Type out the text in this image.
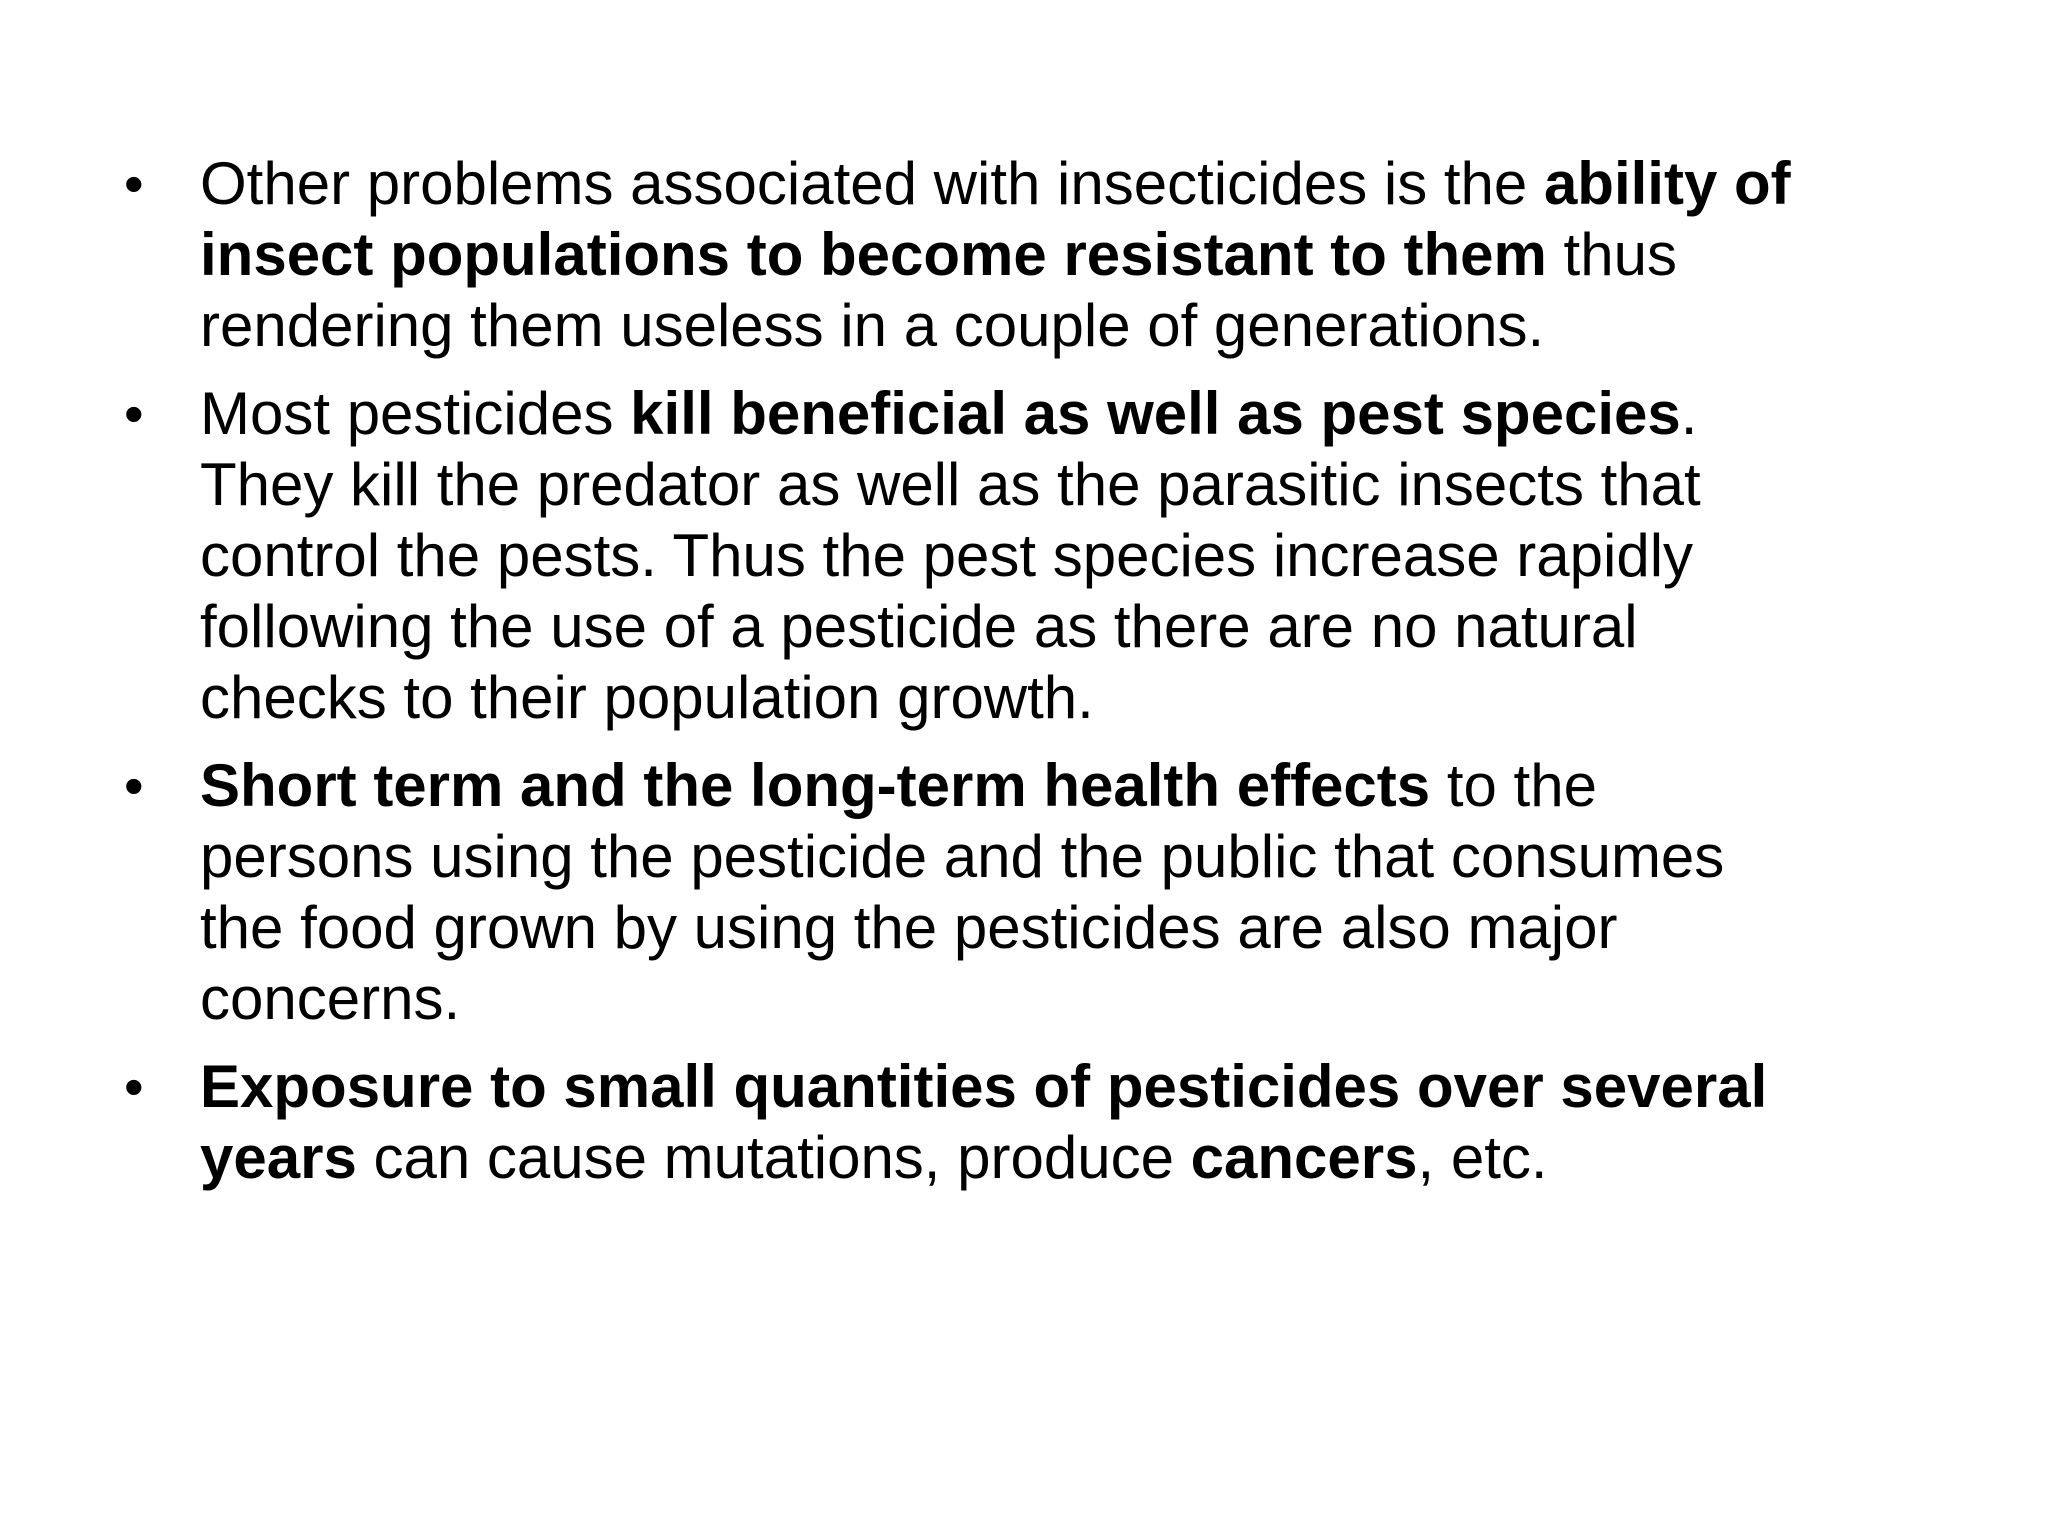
• Other problems associated with insecticides is the ability of
insect populations to become resistant to them thus
rendering them useless in a couple of generations.
• Most pesticides kill beneficial as well as pest species.
They kill the predator as well as the parasitic insects that
control the pests. Thus the pest species increase rapidly
following the use of a pesticide as there are no natural
checks to their population growth.
• Short term and the long-term health effects to the
persons using the pesticide and the public that consumes
the food grown by using the pesticides are also major
concerns.
• Exposure to small quantities of pesticides over several
years can cause mutations, produce cancers, etc.
